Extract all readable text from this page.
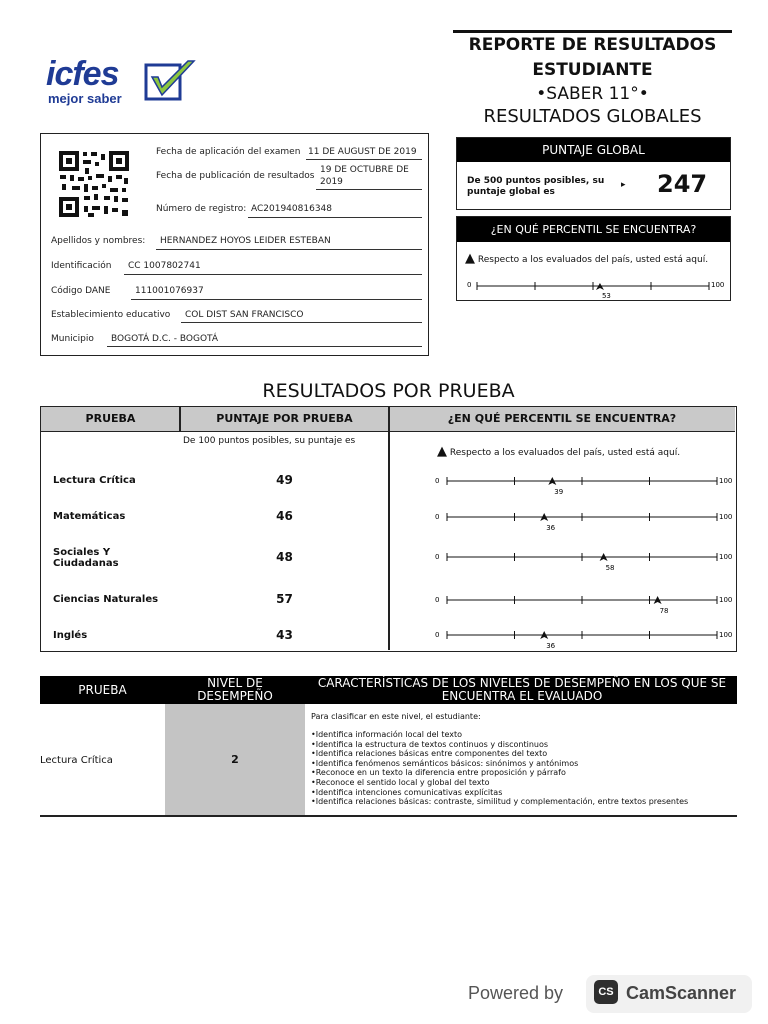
icfes
mejor saber
REPORTE DE RESULTADOS
ESTUDIANTE
•SABER 11°•
RESULTADOS GLOBALES
Fecha de aplicación del examen 11 DE AUGUST DE 2019
Fecha de publicación de resultados
19 DE OCTUBRE DE
2019
Número de registro: AC201940816348
Apellidos y nombres: HERNANDEZ HOYOS LEIDER ESTEBAN
Identificación CC 1007802741
Código DANE	111001076937
Establecimiento educativo COL DIST SAN FRANCISCO
Municipio BOGOTÁ D.C. - BOGOTÁ
PUNTAJE GLOBAL
De 500 puntos posibles, su puntaje global es
▸ 247
¿EN QUÉ PERCENTIL SE ENCUENTRA?
▲ Respecto a los evaluados del país, usted está aquí.
0	100
53
RESULTADOS POR PRUEBA
PRUEBA	PUNTAJE POR PRUEBA	¿EN QUÉ PERCENTIL SE ENCUENTRA?
De 100 puntos posibles, su puntaje es
▲ Respecto a los evaluados del país, usted está aquí.
Lectura Crítica	49
Matemáticas	46
Sociales Y
Ciudadanas	48
Ciencias Naturales	57
Inglés	43
0	100
39
0	100
36
0	100
58
0	100
78
0	100
36
PRUEBA	NIVEL DE
DESEMPEÑO
CARACTERÍSTICAS DE LOS NIVELES DE DESEMPEÑO EN LOS QUE SE
ENCUENTRA EL EVALUADO
Lectura Crítica	2
Para clasificar en este nivel, el estudiante:
•Identifica información local del texto
•Identifica la estructura de textos continuos y discontinuos
•Identifica relaciones básicas entre componentes del texto
•Identifica fenómenos semánticos básicos: sinónimos y antónimos
•Reconoce en un texto la diferencia entre proposición y párrafo
•Reconoce el sentido local y global del texto
•Identifica intenciones comunicativas explícitas
•Identifica relaciones básicas: contraste, similitud y complementación, entre textos presentes
Powered by	CS CamScanner
